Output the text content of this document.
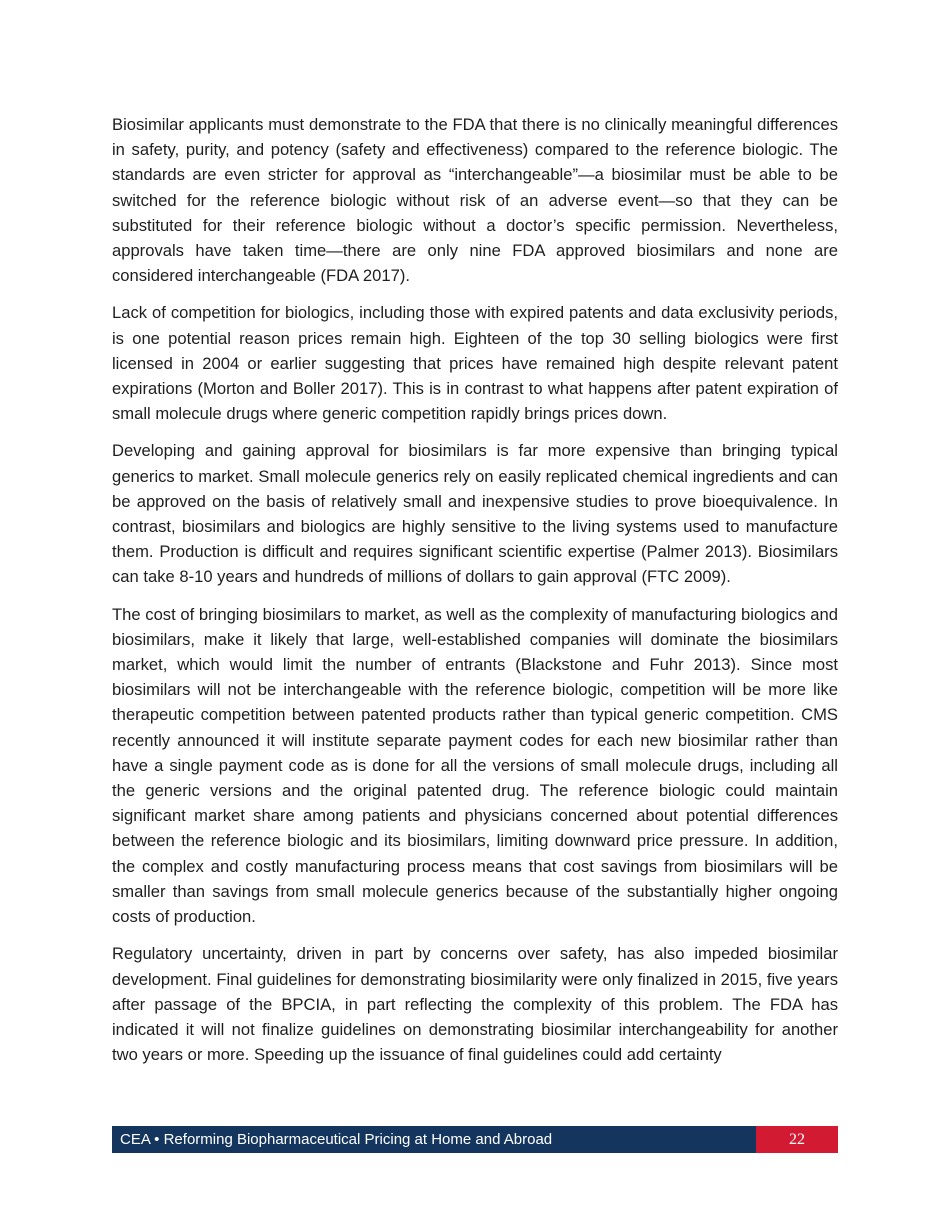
Biosimilar applicants must demonstrate to the FDA that there is no clinically meaningful differences in safety, purity, and potency (safety and effectiveness) compared to the reference biologic. The standards are even stricter for approval as “interchangeable”—a biosimilar must be able to be switched for the reference biologic without risk of an adverse event—so that they can be substituted for their reference biologic without a doctor’s specific permission. Nevertheless, approvals have taken time—there are only nine FDA approved biosimilars and none are considered interchangeable (FDA 2017).

Lack of competition for biologics, including those with expired patents and data exclusivity periods, is one potential reason prices remain high. Eighteen of the top 30 selling biologics were first licensed in 2004 or earlier suggesting that prices have remained high despite relevant patent expirations (Morton and Boller 2017). This is in contrast to what happens after patent expiration of small molecule drugs where generic competition rapidly brings prices down.

Developing and gaining approval for biosimilars is far more expensive than bringing typical generics to market. Small molecule generics rely on easily replicated chemical ingredients and can be approved on the basis of relatively small and inexpensive studies to prove bioequivalence. In contrast, biosimilars and biologics are highly sensitive to the living systems used to manufacture them. Production is difficult and requires significant scientific expertise (Palmer 2013). Biosimilars can take 8-10 years and hundreds of millions of dollars to gain approval (FTC 2009).

The cost of bringing biosimilars to market, as well as the complexity of manufacturing biologics and biosimilars, make it likely that large, well-established companies will dominate the biosimilars market, which would limit the number of entrants (Blackstone and Fuhr 2013). Since most biosimilars will not be interchangeable with the reference biologic, competition will be more like therapeutic competition between patented products rather than typical generic competition. CMS recently announced it will institute separate payment codes for each new biosimilar rather than have a single payment code as is done for all the versions of small molecule drugs, including all the generic versions and the original patented drug. The reference biologic could maintain significant market share among patients and physicians concerned about potential differences between the reference biologic and its biosimilars, limiting downward price pressure. In addition, the complex and costly manufacturing process means that cost savings from biosimilars will be smaller than savings from small molecule generics because of the substantially higher ongoing costs of production.

Regulatory uncertainty, driven in part by concerns over safety, has also impeded biosimilar development. Final guidelines for demonstrating biosimilarity were only finalized in 2015, five years after passage of the BPCIA, in part reflecting the complexity of this problem. The FDA has indicated it will not finalize guidelines on demonstrating biosimilar interchangeability for another two years or more. Speeding up the issuance of final guidelines could add certainty

CEA • Reforming Biopharmaceutical Pricing at Home and Abroad	22
